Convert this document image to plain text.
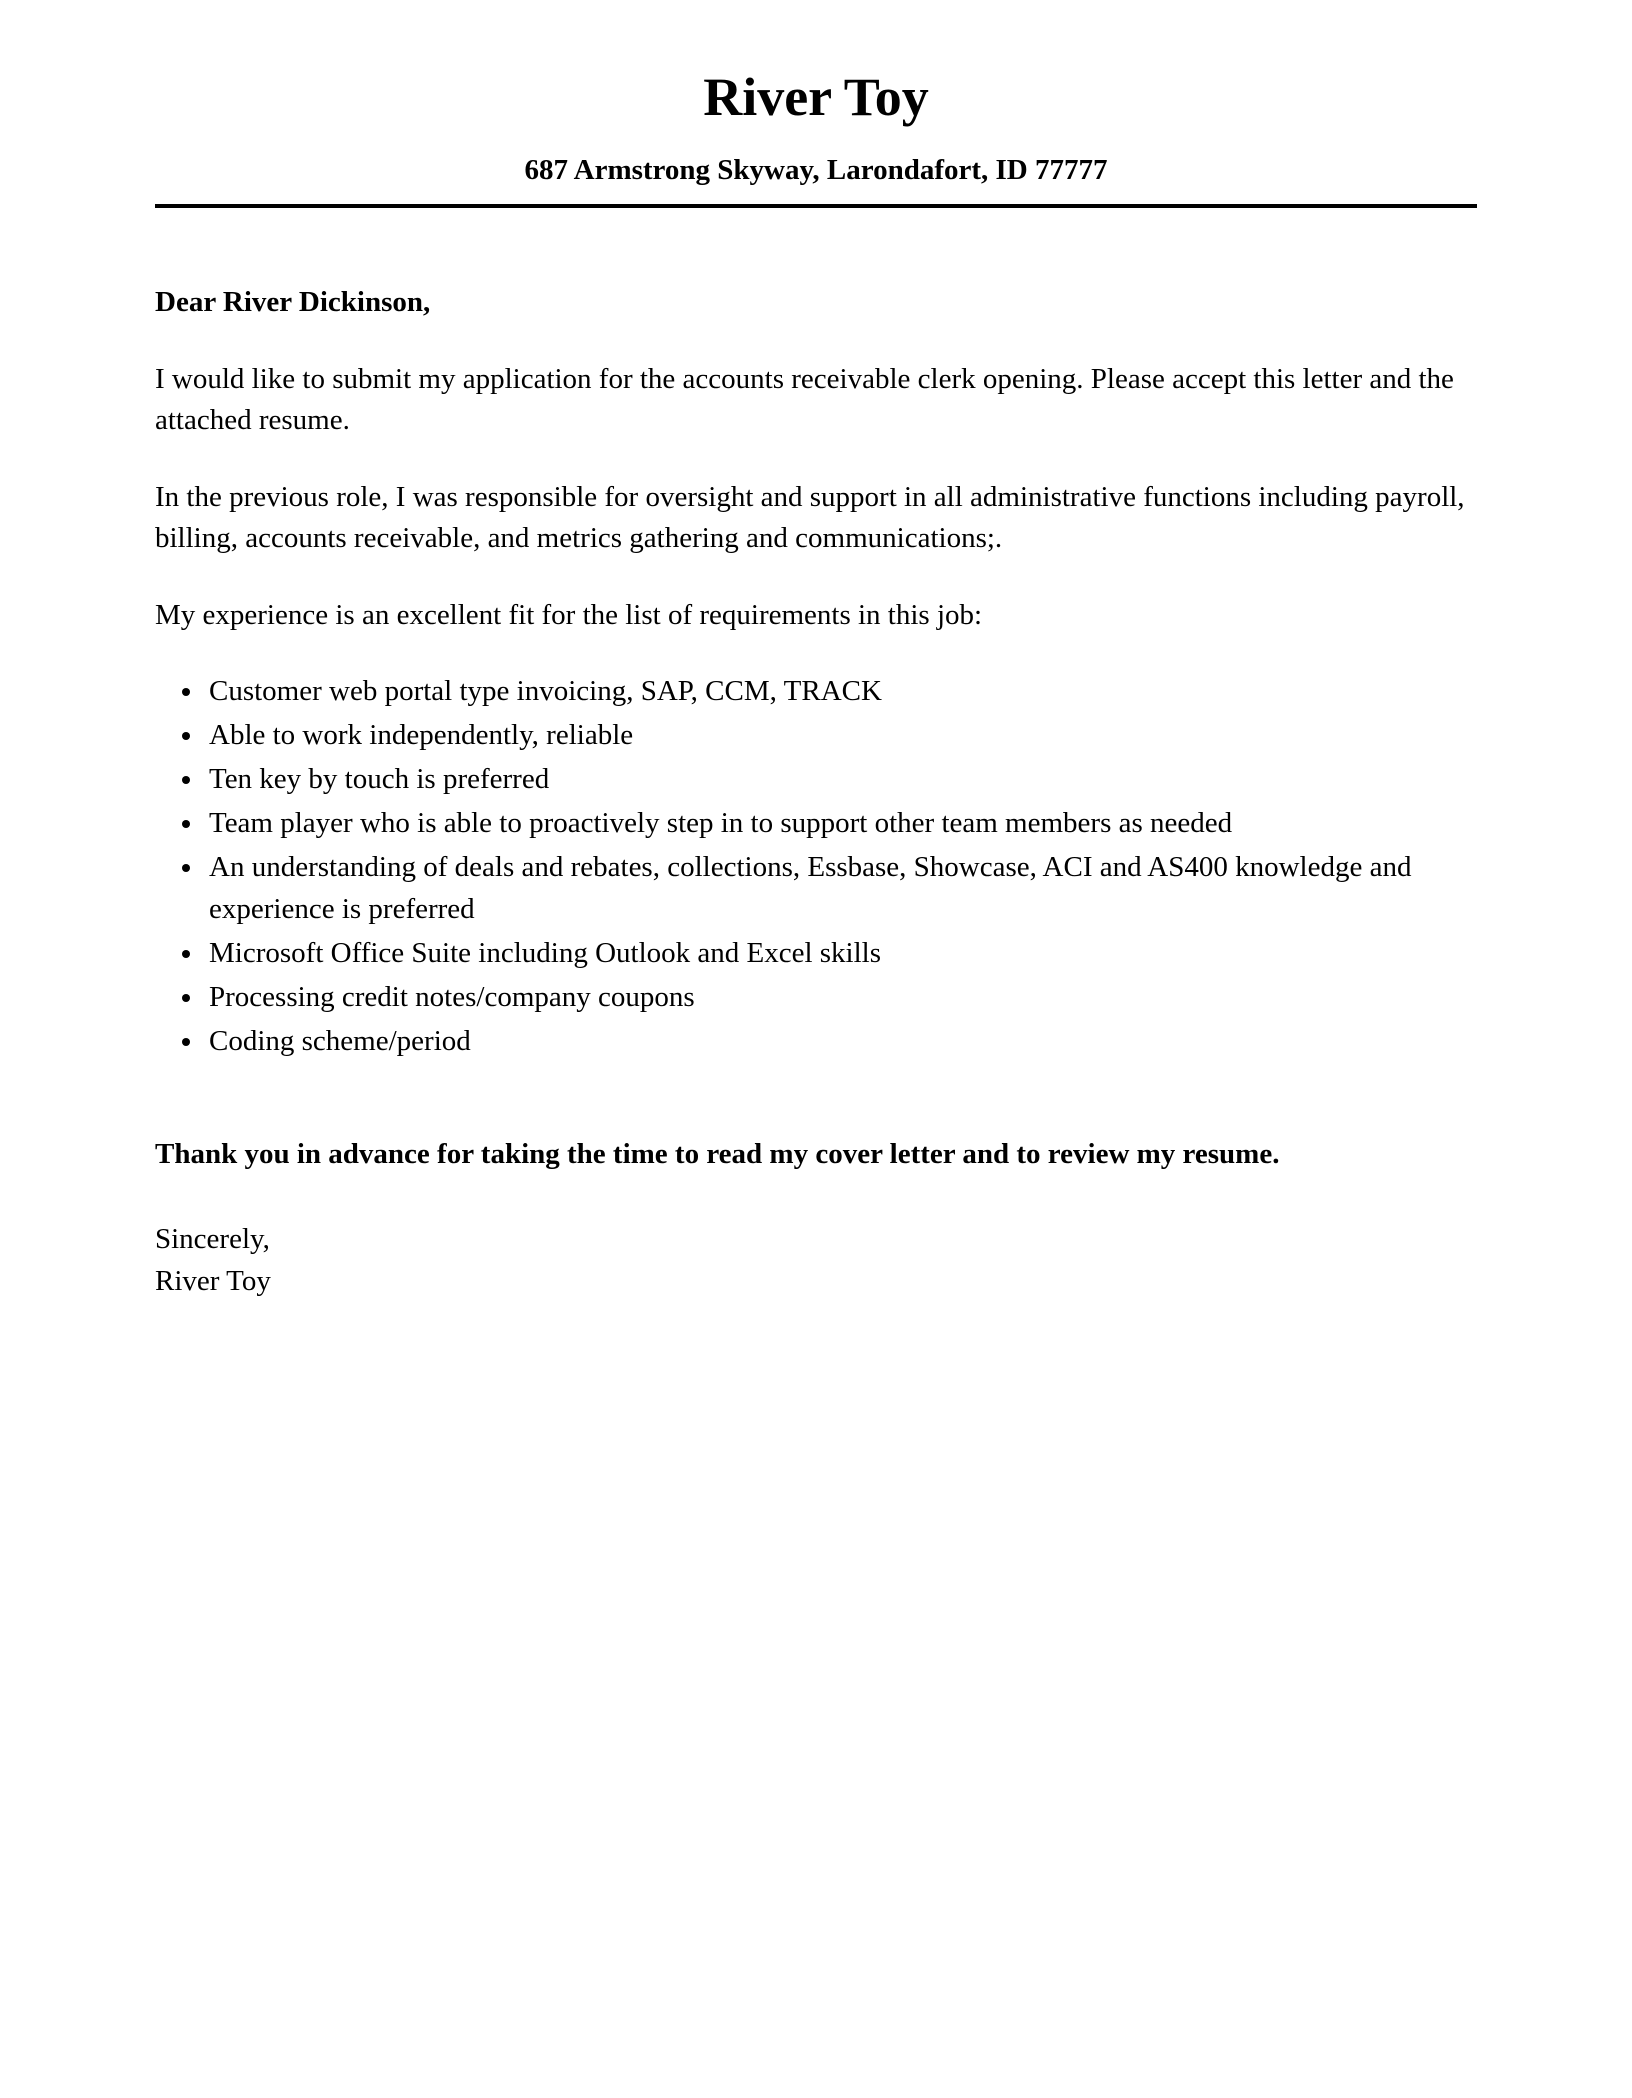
River Toy
687 Armstrong Skyway, Larondafort, ID 77777

Dear River Dickinson,

I would like to submit my application for the accounts receivable clerk opening. Please accept this letter and the attached resume.

In the previous role, I was responsible for oversight and support in all administrative functions including payroll, billing, accounts receivable, and metrics gathering and communications;.

My experience is an excellent fit for the list of requirements in this job:

• Customer web portal type invoicing, SAP, CCM, TRACK
• Able to work independently, reliable
• Ten key by touch is preferred
• Team player who is able to proactively step in to support other team members as needed
• An understanding of deals and rebates, collections, Essbase, Showcase, ACI and AS400 knowledge and experience is preferred
• Microsoft Office Suite including Outlook and Excel skills
• Processing credit notes/company coupons
• Coding scheme/period

Thank you in advance for taking the time to read my cover letter and to review my resume.

Sincerely,
River Toy
